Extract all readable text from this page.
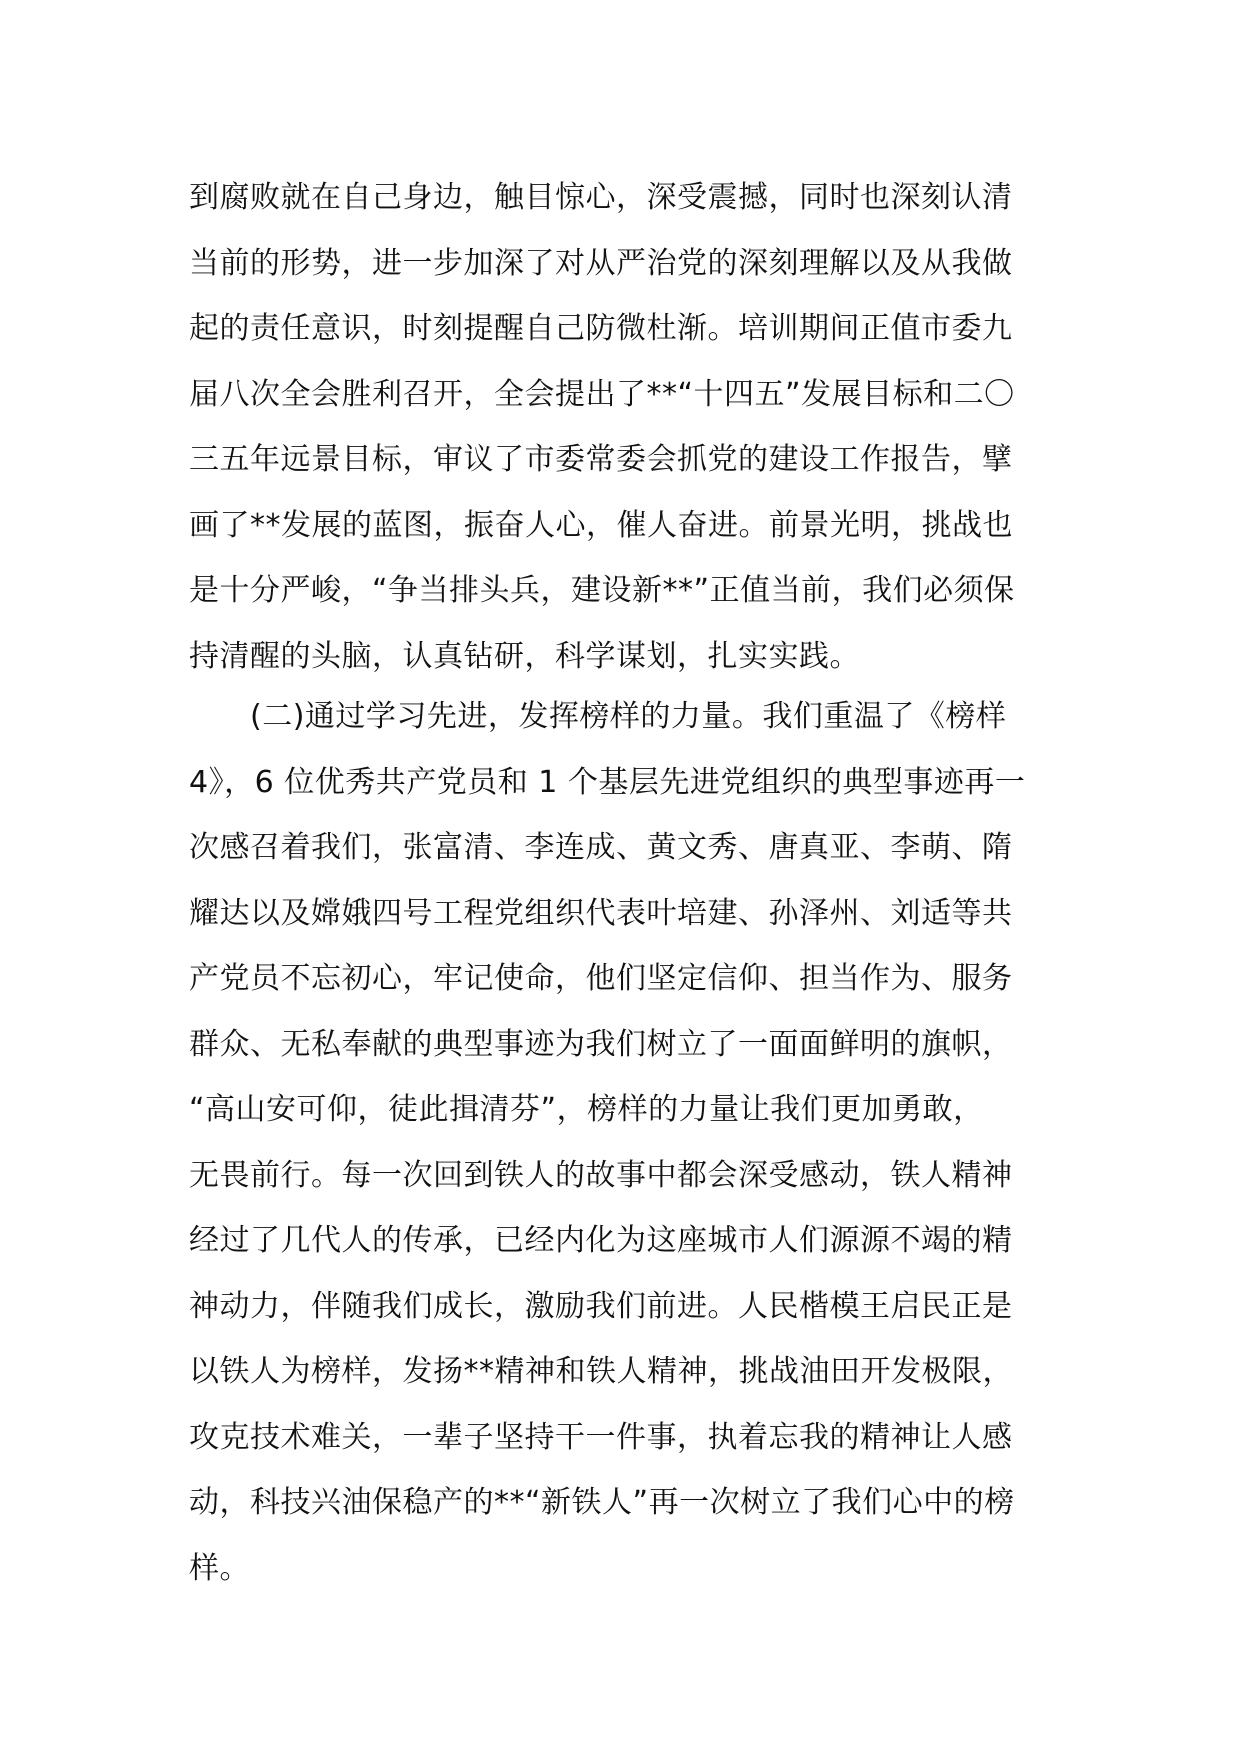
到腐败就在自己身边，触目惊心，深受震撼，同时也深刻认清
当前的形势，进一步加深了对从严治党的深刻理解以及从我做
起的责任意识，时刻提醒自己防微杜渐。培训期间正值市委九
届八次全会胜利召开，全会提出了**“十四五”发展目标和二〇
三五年远景目标，审议了市委常委会抓党的建设工作报告，擘
画了**发展的蓝图，振奋人心，催人奋进。前景光明，挑战也
是十分严峻，“争当排头兵，建设新**”正值当前，我们必须保
持清醒的头脑，认真钻研，科学谋划，扎实实践。
　　(二)通过学习先进，发挥榜样的力量。我们重温了《榜样
4》，6 位优秀共产党员和 1 个基层先进党组织的典型事迹再一
次感召着我们，张富清、李连成、黄文秀、唐真亚、李萌、隋
耀达以及嫦娥四号工程党组织代表叶培建、孙泽州、刘适等共
产党员不忘初心，牢记使命，他们坚定信仰、担当作为、服务
群众、无私奉献的典型事迹为我们树立了一面面鲜明的旗帜，
“高山安可仰，徒此揖清芬”，榜样的力量让我们更加勇敢，
无畏前行。每一次回到铁人的故事中都会深受感动，铁人精神
经过了几代人的传承，已经内化为这座城市人们源源不竭的精
神动力，伴随我们成长，激励我们前进。人民楷模王启民正是
以铁人为榜样，发扬**精神和铁人精神，挑战油田开发极限，
攻克技术难关，一辈子坚持干一件事，执着忘我的精神让人感
动，科技兴油保稳产的**“新铁人”再一次树立了我们心中的榜
样。
